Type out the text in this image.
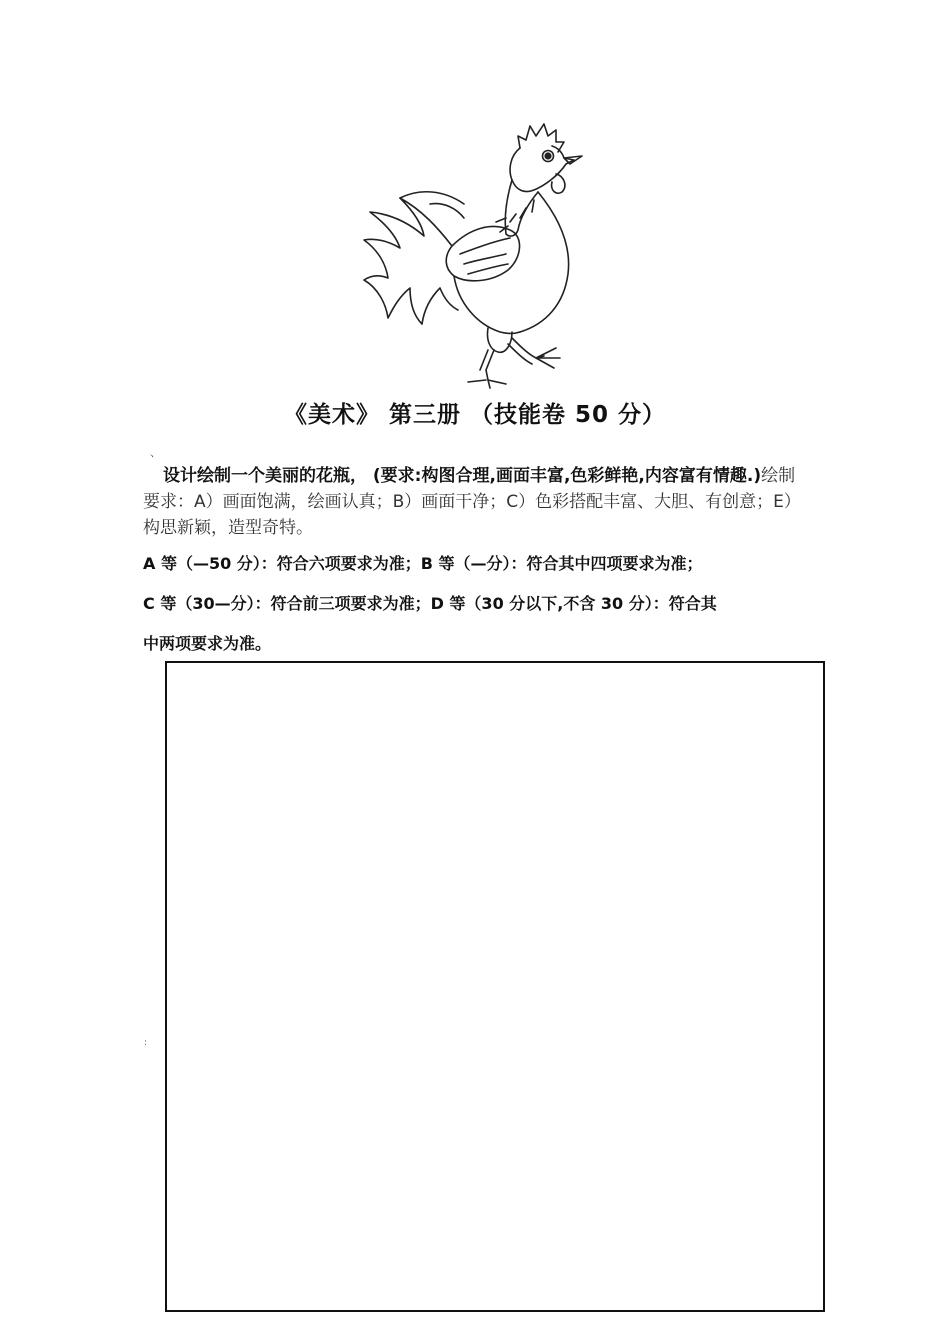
《美术》 第三册 （技能卷 50 分）
、
设计绘制一个美丽的花瓶， (要求:构图合理,画面丰富,色彩鲜艳,内容富有情趣.)绘制要求：A）画面饱满，绘画认真；B）画面干净；C）色彩搭配丰富、大胆、有创意；E）构思新颖，造型奇特。
A 等（—50 分）：符合六项要求为准；B 等（—分）：符合其中四项要求为准；
C 等（30—分）：符合前三项要求为准；D 等（30 分以下,不含 30 分）：符合其
中两项要求为准。
:
